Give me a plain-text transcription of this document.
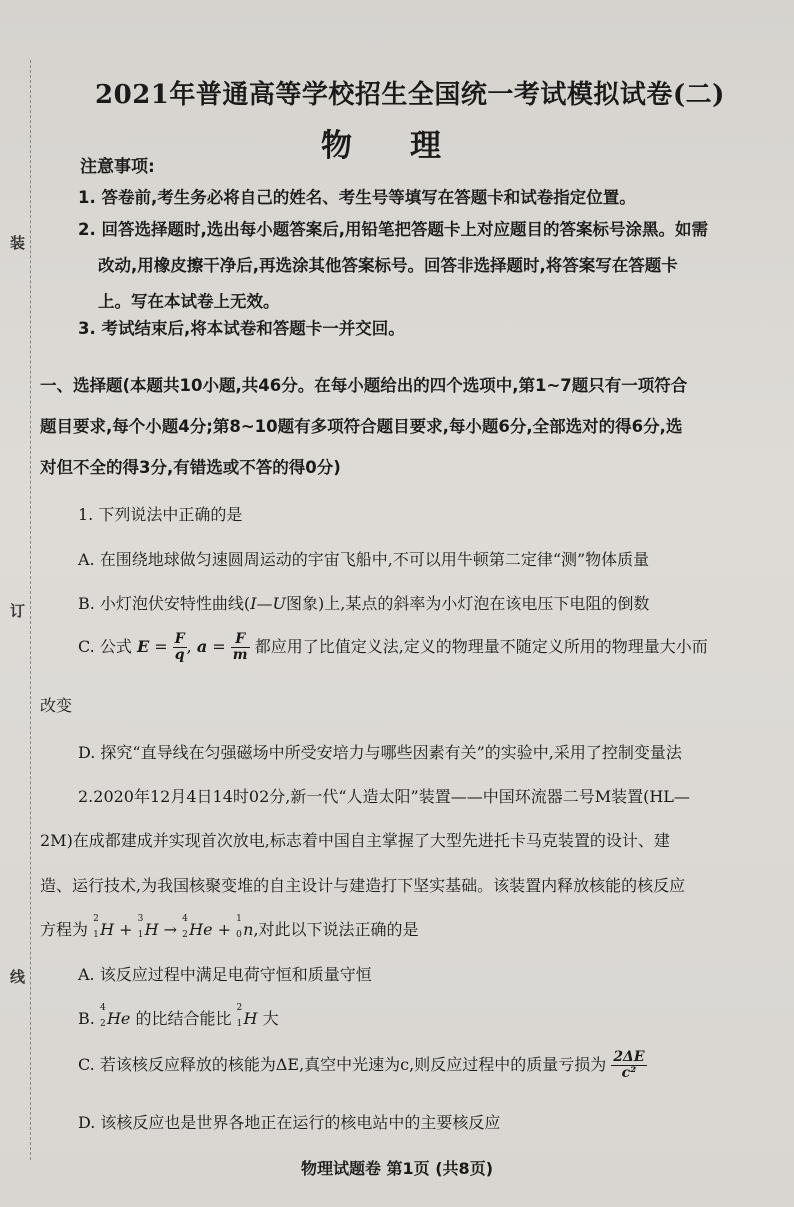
装
订
线
2021年普通高等学校招生全国统一考试模拟试卷(二)
物理
注意事项:
1. 答卷前,考生务必将自己的姓名、考生号等填写在答题卡和试卷指定位置。
2. 回答选择题时,选出每小题答案后,用铅笔把答题卡上对应题目的答案标号涂黑。如需
改动,用橡皮擦干净后,再选涂其他答案标号。回答非选择题时,将答案写在答题卡
上。写在本试卷上无效。
3. 考试结束后,将本试卷和答题卡一并交回。
一、选择题(本题共10小题,共46分。在每小题给出的四个选项中,第1~7题只有一项符合
题目要求,每个小题4分;第8~10题有多项符合题目要求,每小题6分,全部选对的得6分,选
对但不全的得3分,有错选或不答的得0分)
1. 下列说法中正确的是
A. 在围绕地球做匀速圆周运动的宇宙飞船中,不可以用牛顿第二定律“测”物体质量
B. 小灯泡伏安特性曲线(I—U图象)上,某点的斜率为小灯泡在该电压下电阻的倒数
C. 公式 $E = \frac{F}{q}$ , $a = \frac{F}{m}$ 都应用了比值定义法,定义的物理量不随定义所用的物理量大小而
改变
D. 探究“直导线在匀强磁场中所受安培力与哪些因素有关”的实验中,采用了控制变量法
2.2020年12月4日14时02分,新一代“人造太阳”装置——中国环流器二号M装置(HL—
2M)在成都建成并实现首次放电,标志着中国自主掌握了大型先进托卡马克装置的设计、建
造、运行技术,为我国核聚变堆的自主设计与建造打下坚实基础。该装置内释放核能的核反应
方程为
2
1 H +
3
1 H →
4
2 He +
1
0 n,对此以下说法正确的是
A. 该反应过程中满足电荷守恒和质量守恒
B.
4
2 He 的比结合能比
2
1 H 大
C. 若该核反应释放的核能为ΔE,真空中光速为c,则反应过程中的质量亏损为 $\frac{2\Delta E}{\text{c²}}$
D. 该核反应也是世界各地正在运行的核电站中的主要核反应
物理试题卷 第1页 (共8页)
